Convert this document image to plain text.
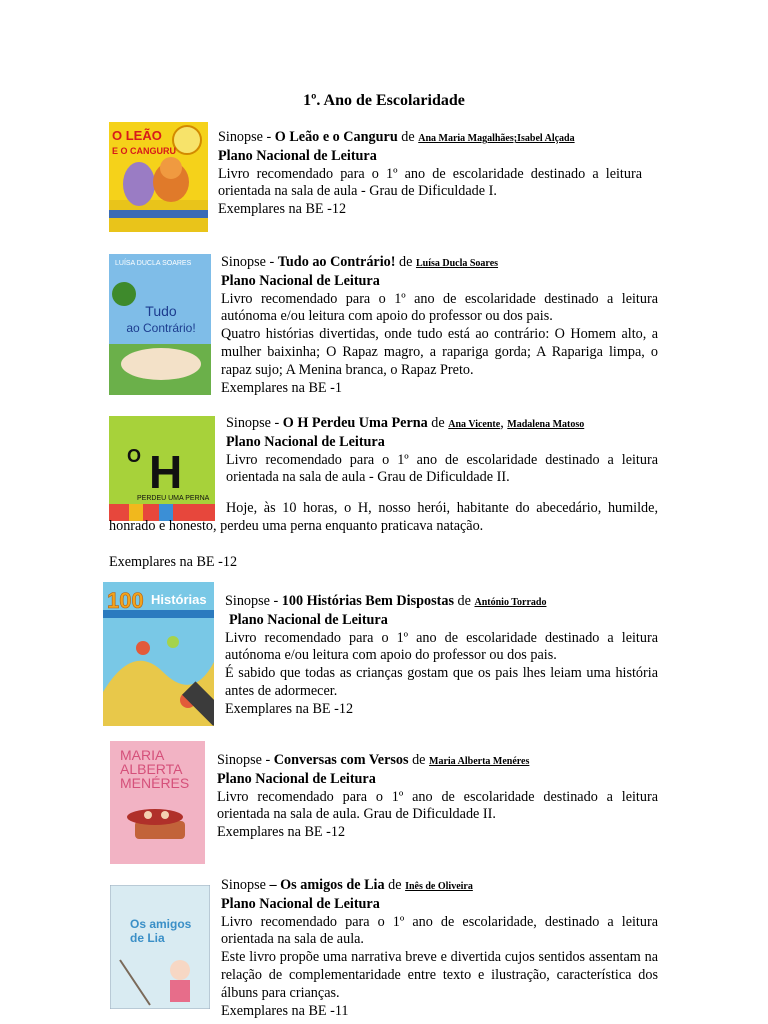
1º. Ano de Escolaridade
O LEÃO
E O CANGURU

Sinopse - O Leão e o Canguru de Ana Maria Magalhães;Isabel Alçada

Plano Nacional de Leitura

Livro recomendado para o 1º ano de escolaridade destinado a leitura orientada na sala de aula - Grau de Dificuldade I.

Exemplares na BE -12

LUÍSA DUCLA SOARES
Tudo
ao Contrário!

Sinopse - Tudo ao Contrário! de Luísa Ducla Soares

Plano Nacional de Leitura

Livro recomendado para o 1º ano de escolaridade destinado a leitura autónoma e/ou leitura com apoio do professor ou dos pais.

Quatro histórias divertidas, onde tudo está ao contrário: O Homem alto, a mulher baixinha; O Rapaz magro, a rapariga gorda; A Rapariga limpa, o rapaz sujo; A Menina branca, o Rapaz Preto.

Exemplares na BE -1

O H
PERDEU UMA PERNA

Sinopse - O H Perdeu Uma Perna de Ana Vicente, Madalena Matoso

Plano Nacional de Leitura

Livro recomendado para o 1º ano de escolaridade destinado a leitura orientada na sala de aula - Grau de Dificuldade II.

Hoje, às 10 horas, o H, nosso herói, habitante do abecedário, humilde, honrado e honesto, perdeu uma perna enquanto praticava natação.

Exemplares na BE -12

100 Histórias Sinopse - 100 Histórias Bem Dispostas de António Torrado

Plano Nacional de Leitura

Livro recomendado para o 1º ano de escolaridade destinado a leitura autónoma e/ou leitura com apoio do professor ou dos pais.

É sabido que todas as crianças gostam que os pais lhes leiam uma história antes de adormecer.

Exemplares na BE -12

MARIA
ALBERTA
MENÉRES

Sinopse - Conversas com Versos de Maria Alberta Menéres

Plano Nacional de Leitura

Livro recomendado para o 1º ano de escolaridade destinado a leitura orientada na sala de aula. Grau de Dificuldade II.

Exemplares na BE -12

Os amigos
de Lia

Sinopse – Os amigos de Lia de Inês de Oliveira

Plano Nacional de Leitura

Livro recomendado para o 1º ano de escolaridade, destinado a leitura orientada na sala de aula.

Este livro propõe uma narrativa breve e divertida cujos sentidos assentam na relação de complementaridade entre texto e ilustração, característica dos álbuns para crianças.

Exemplares na BE -11
